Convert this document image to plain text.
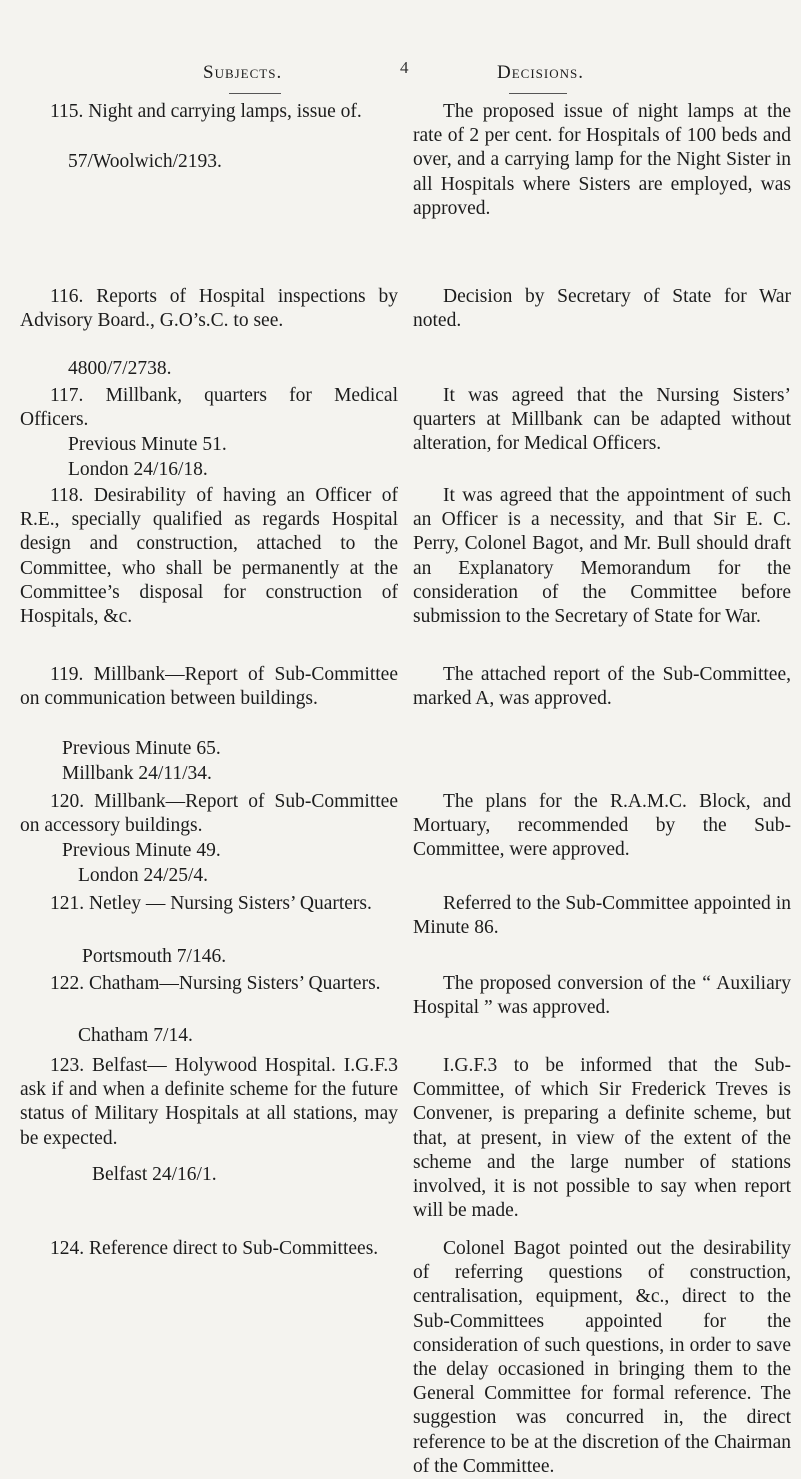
4
Subjects.	Decisions.
115. Night and carrying lamps, issue of.
57/Woolwich/2193.
116. Reports of Hospital inspections by Advisory Board., G.O’s.C. to see.
4800/7/2738.
117. Millbank, quarters for Medical Officers.
Previous Minute 51.
London 24/16/18.
118. Desirability of having an Officer of R.E., specially qualified as regards Hospital design and construction, attached to the Committee, who shall be permanently at the Committee’s disposal for construction of Hospitals, &c.
119. Millbank—Report of Sub-Committee on communication between buildings.
Previous Minute 65.
Millbank 24/11/34.
120. Millbank—Report of Sub-Committee on accessory buildings.
Previous Minute 49.
London 24/25/4.
121. Netley — Nursing Sisters’ Quarters.
Portsmouth 7/146.
122. Chatham—Nursing Sisters’ Quarters.
Chatham 7/14.
123. Belfast— Holywood Hospital. I.G.F.3 ask if and when a definite scheme for the future status of Military Hospitals at all stations, may be expected.
Belfast 24/16/1.
124. Reference direct to Sub-Committees.
The proposed issue of night lamps at the rate of 2 per cent. for Hospitals of 100 beds and over, and a carrying lamp for the Night Sister in all Hospitals where Sisters are employed, was approved.
Decision by Secretary of State for War noted.
It was agreed that the Nursing Sisters’ quarters at Millbank can be adapted without alteration, for Medical Officers.
It was agreed that the appointment of such an Officer is a necessity, and that Sir E. C. Perry, Colonel Bagot, and Mr. Bull should draft an Explanatory Memorandum for the consideration of the Committee before submission to the Secretary of State for War.
The attached report of the Sub-Committee, marked A, was approved.
The plans for the R.A.M.C. Block, and Mortuary, recommended by the Sub-Committee, were approved.
Referred to the Sub-Committee appointed in Minute 86.
The proposed conversion of the “ Auxiliary Hospital ” was approved.
I.G.F.3 to be informed that the Sub-Committee, of which Sir Frederick Treves is Convener, is preparing a definite scheme, but that, at present, in view of the extent of the scheme and the large number of stations involved, it is not possible to say when report will be made.
Colonel Bagot pointed out the desirability of referring questions of construction, centralisation, equipment, &c., direct to the Sub-Committees appointed for the consideration of such questions, in order to save the delay occasioned in bringing them to the General Committee for formal reference. The suggestion was concurred in, the direct reference to be at the discretion of the Chairman of the Committee.
